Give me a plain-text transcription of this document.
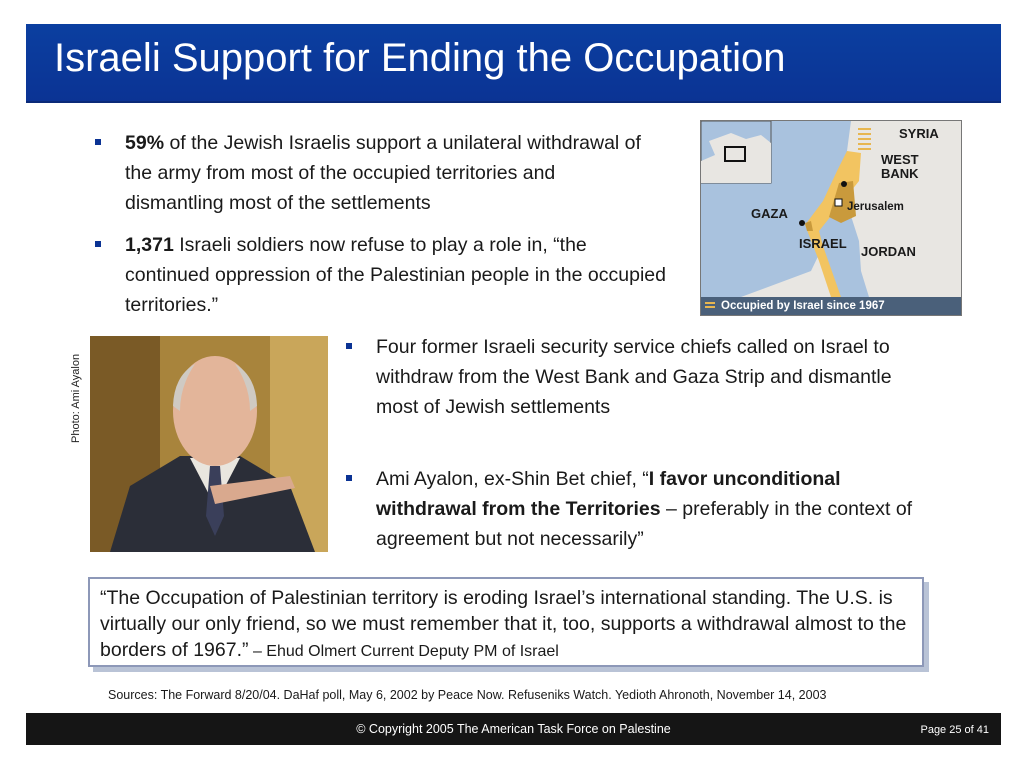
Israeli Support for Ending the Occupation
59% of the Jewish Israelis support a unilateral withdrawal of the army from most of the occupied territories and dismantling most of the settlements
1,371 Israeli soldiers now refuse to play a role in, “the continued oppression of the Palestinian people in the occupied territories.”
SYRIA
WEST BANK
GAZA	Jerusalem
ISRAEL
JORDAN
Occupied by Israel since 1967
Photo: Ami Ayalon
Four former Israeli security service chiefs called on Israel to withdraw from the West Bank and Gaza Strip and dismantle most of Jewish settlements
Ami Ayalon, ex-Shin Bet chief, “I favor unconditional withdrawal from the Territories – preferably in the context of agreement but not necessarily”
“The Occupation of Palestinian territory is eroding Israel’s international standing. The U.S. is virtually our only friend, so we must remember that it, too, supports a withdrawal almost to the borders of 1967.” – Ehud Olmert Current Deputy PM of Israel
Sources: The Forward 8/20/04. DaHaf poll, May 6, 2002 by Peace Now. Refuseniks Watch. Yedioth Ahronoth, November 14, 2003
© Copyright 2005 The American Task Force on Palestine	Page 25 of 41
